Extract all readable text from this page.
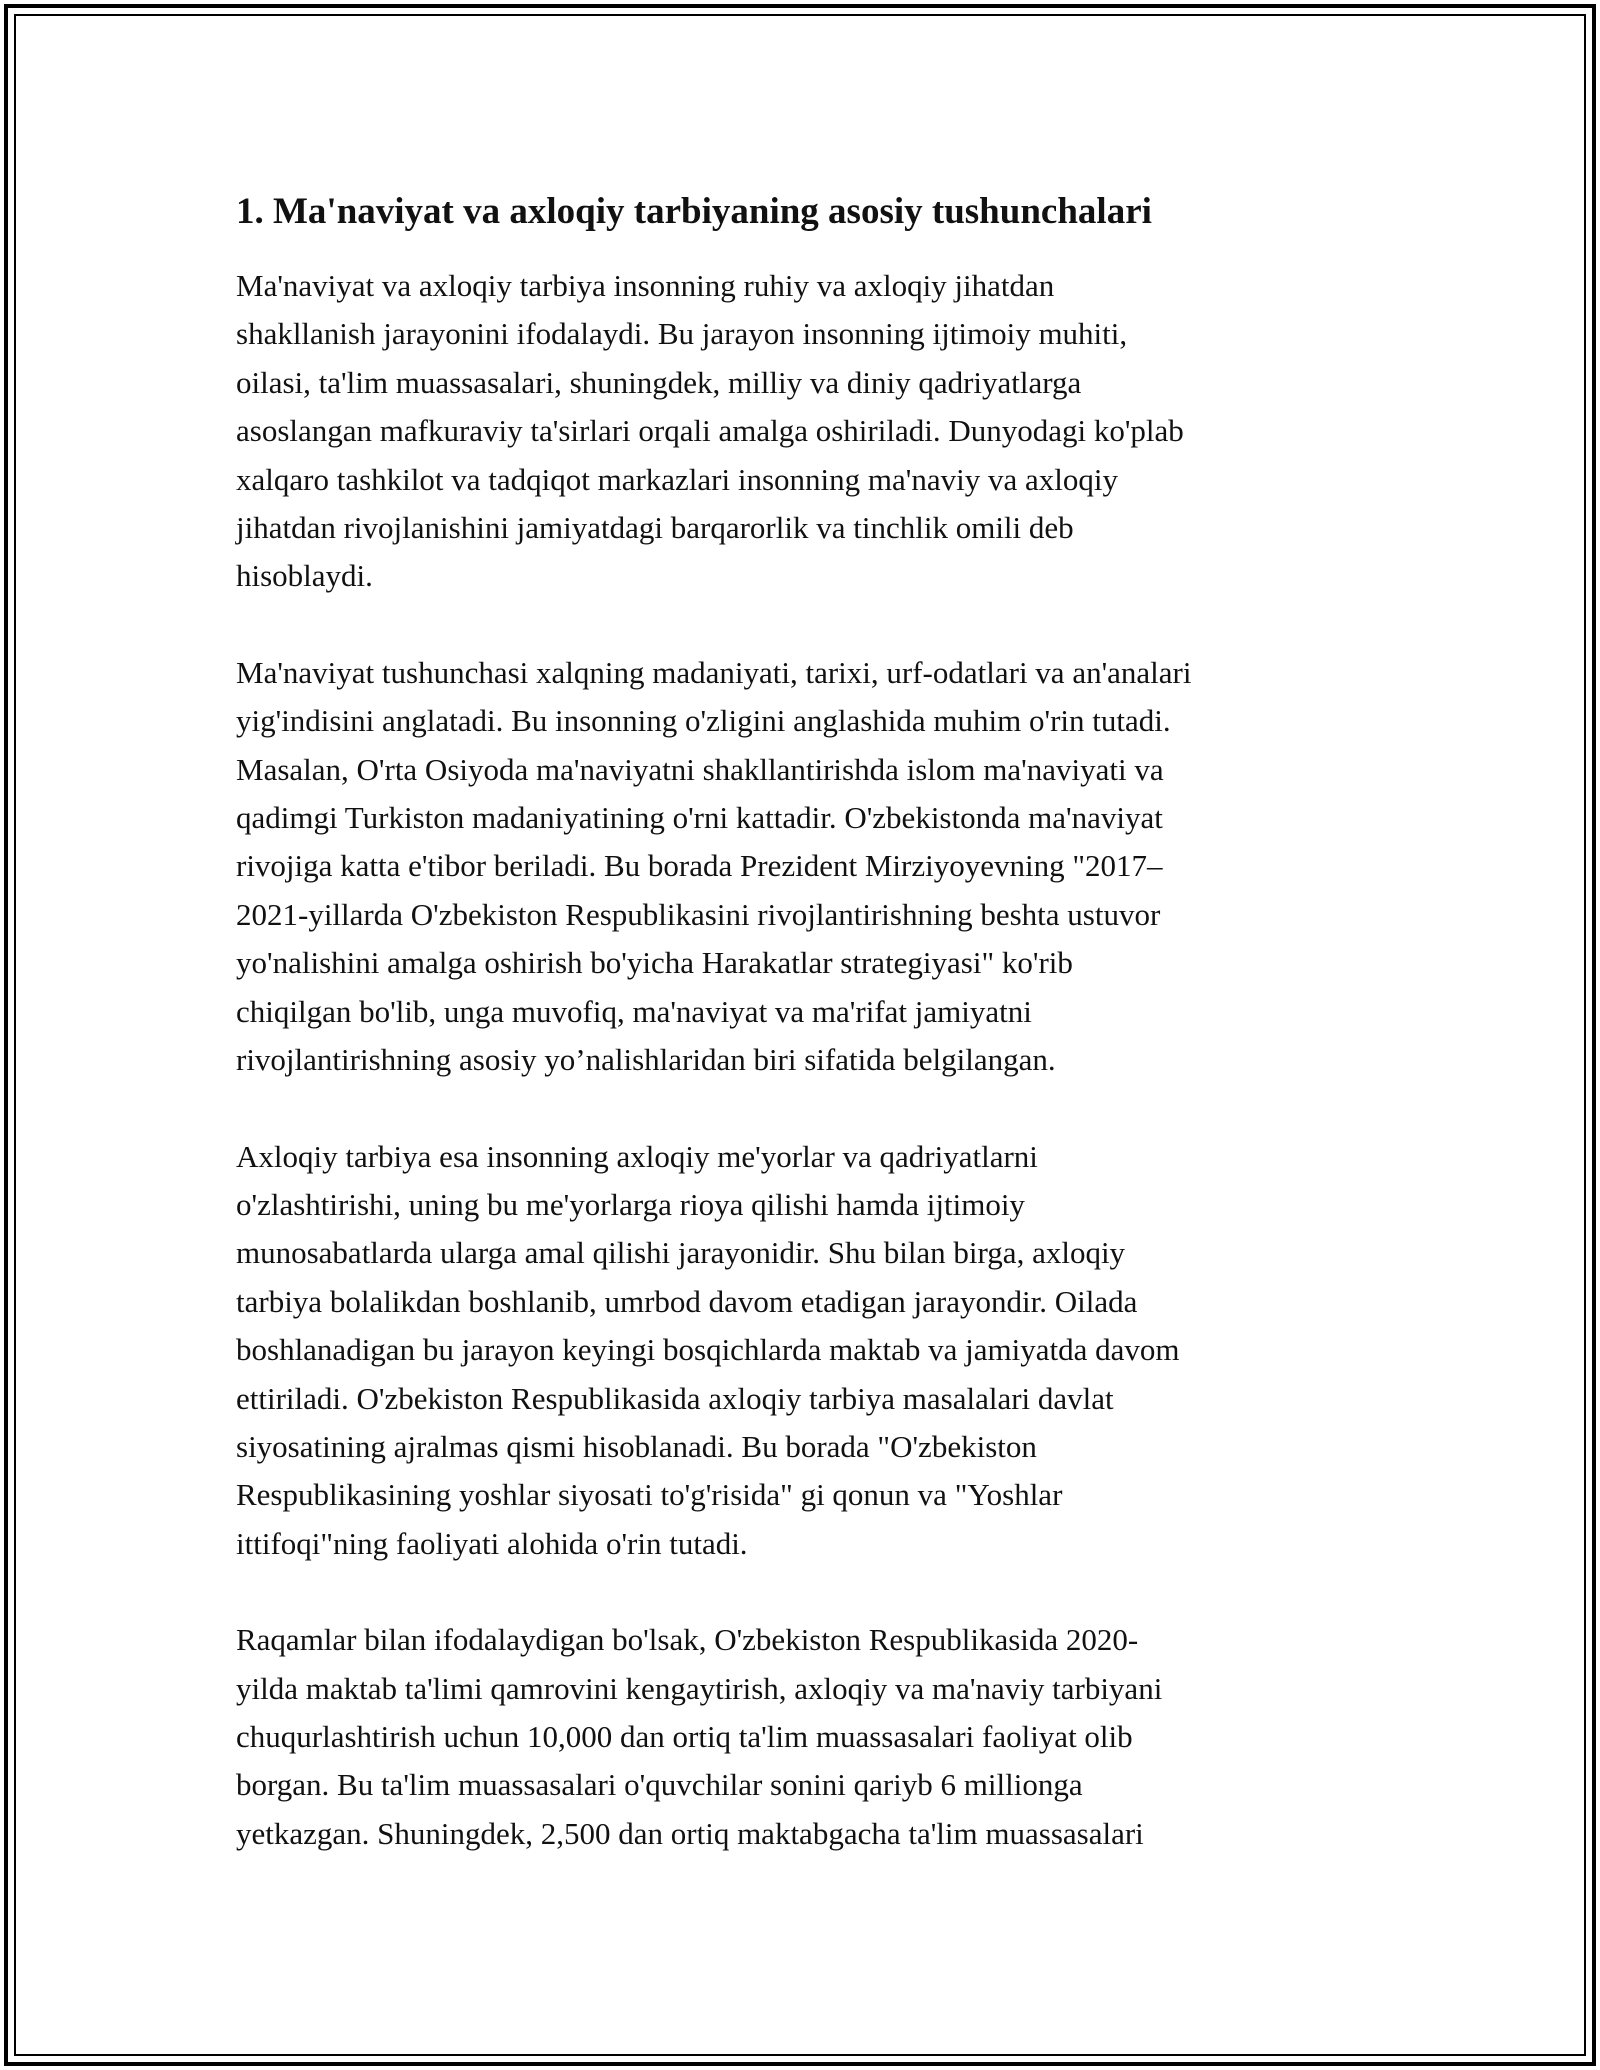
1. Ma'naviyat va axloqiy tarbiyaning asosiy tushunchalari

Ma'naviyat va axloqiy tarbiya insonning ruhiy va axloqiy jihatdan
shakllanish jarayonini ifodalaydi. Bu jarayon insonning ijtimoiy muhiti,
oilasi, ta'lim muassasalari, shuningdek, milliy va diniy qadriyatlarga
asoslangan mafkuraviy ta'sirlari orqali amalga oshiriladi. Dunyodagi ko'plab
xalqaro tashkilot va tadqiqot markazlari insonning ma'naviy va axloqiy
jihatdan rivojlanishini jamiyatdagi barqarorlik va tinchlik omili deb
hisoblaydi.

Ma'naviyat tushunchasi xalqning madaniyati, tarixi, urf-odatlari va an'analari
yig'indisini anglatadi. Bu insonning o'zligini anglashida muhim o'rin tutadi.
Masalan, O'rta Osiyoda ma'naviyatni shakllantirishda islom ma'naviyati va
qadimgi Turkiston madaniyatining o'rni kattadir. O'zbekistonda ma'naviyat
rivojiga katta e'tibor beriladi. Bu borada Prezident Mirziyoyevning "2017–
2021-yillarda O'zbekiston Respublikasini rivojlantirishning beshta ustuvor
yo'nalishini amalga oshirish bo'yicha Harakatlar strategiyasi" ko'rib
chiqilgan bo'lib, unga muvofiq, ma'naviyat va ma'rifat jamiyatni
rivojlantirishning asosiy yo’nalishlaridan biri sifatida belgilangan.

Axloqiy tarbiya esa insonning axloqiy me'yorlar va qadriyatlarni
o'zlashtirishi, uning bu me'yorlarga rioya qilishi hamda ijtimoiy
munosabatlarda ularga amal qilishi jarayonidir. Shu bilan birga, axloqiy
tarbiya bolalikdan boshlanib, umrbod davom etadigan jarayondir. Oilada
boshlanadigan bu jarayon keyingi bosqichlarda maktab va jamiyatda davom
ettiriladi. O'zbekiston Respublikasida axloqiy tarbiya masalalari davlat
siyosatining ajralmas qismi hisoblanadi. Bu borada "O'zbekiston
Respublikasining yoshlar siyosati to'g'risida" gi qonun va "Yoshlar
ittifoqi"ning faoliyati alohida o'rin tutadi.

Raqamlar bilan ifodalaydigan bo'lsak, O'zbekiston Respublikasida 2020-
yilda maktab ta'limi qamrovini kengaytirish, axloqiy va ma'naviy tarbiyani
chuqurlashtirish uchun 10,000 dan ortiq ta'lim muassasalari faoliyat olib
borgan. Bu ta'lim muassasalari o'quvchilar sonini qariyb 6 millionga
yetkazgan. Shuningdek, 2,500 dan ortiq maktabgacha ta'lim muassasalari
